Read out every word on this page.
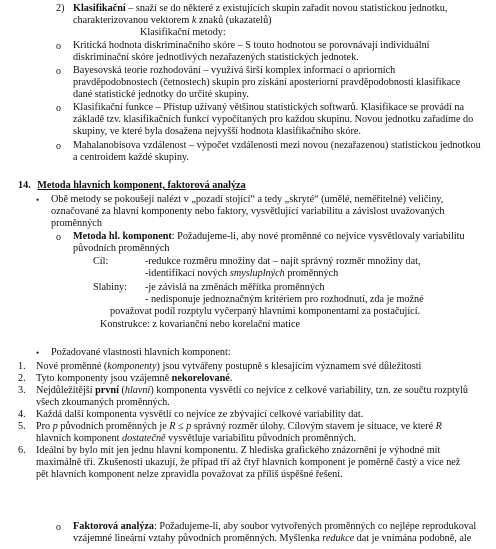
2) Klasifikační – snaží se do některé z existujících skupin zařadit novou statistickou jednotku,
charakterizovanou vektorem k znaků (ukazatelů)
Klasifikační metody:
o Kritická hodnota diskriminačního skóre – S touto hodnotou se porovnávají individuální
diskriminační skóre jednotlivých nezařazených statistických jednotek.
o Bayesovská teorie rozhodování – využívá širší komplex informací o apriorních
pravděpodobnostech (četnostech) skupin pro získání aposteriorní pravděpodobnosti klasifikace
dané statistické jednotky do určité skupiny.
o Klasifikační funkce – Přístup užívaný většinou statistických softwarů. Klasifikace se provádí na
základě tzv. klasifikačních funkcí vypočítaných pro každou skupinu. Novou jednotku zařadíme do
skupiny, ve které byla dosažena nejvyšší hodnota klasifikačního skóre.
o Mahalanobisova vzdálenost – výpočet vzdálenosti mezi novou (nezařazenou) statistickou jednotkou
a centroidem každé skupiny.
14. Metoda hlavních komponent, faktorová analýza
• Obě metody se pokoušejí nalézt v „pozadí stojící“ a tedy „skryté“ (umělé, neměřitelné) veličiny,
označované za hlavní komponenty nebo faktory, vysvětlující variabilitu a závislost uvažovaných
proměnných
o Metoda hl. komponent: Požadujeme-li, aby nové proměnné co nejvíce vysvětlovaly variabilitu
původních proměnných
Cíl:	-redukce rozměru množiny dat – najít správný rozměr množiny dat,
-identifikací nových smysluplných proměnných
Slabiny: -je závislá na změnách měřítka proměnných
- nedisponuje jednoznačným kritériem pro rozhodnutí, zda je možné
považovat podíl rozptylu vyčerpaný hlavními komponentami za postačující.
Konstrukce: z kovarianční nebo korelační matice
• Požadované vlastnosti hlavních komponent:
1. Nové proměnné (komponenty) jsou vytvářeny postupně s klesajícím významem své důležitosti
2. Tyto komponenty jsou vzájemně nekorelované.
3. Nejdůležitější první (hlavní) komponenta vysvětlí co nejvíce z celkové variability, tzn. ze součtu rozptylů
všech zkoumaných proměnných.
4. Každá další komponenta vysvětlí co nejvíce ze zbývající celkové variability dat.
5. Pro p původních proměnných je R ≤ p správný rozměr úlohy. Cílovým stavem je situace, ve které R
hlavních komponent dostatečně vysvětluje variabilitu původních proměnných.
6. Ideální by bylo mít jen jednu hlavní komponentu. Z hlediska grafického znázornění je výhodné mít
maximálně tři. Zkušenosti ukazují, že případ tří až čtyř hlavních komponent je poměrně častý a více než
pět hlavních komponent nelze zpravidla považovat za příliš úspěšné řešení.
o Faktorová analýza: Požadujeme-li, aby soubor vytvořených proměnných co nejlépe reprodukoval
vzájemné lineární vztahy původních proměnných. Myšlenka redukce dat je vnímána podobně, ale
